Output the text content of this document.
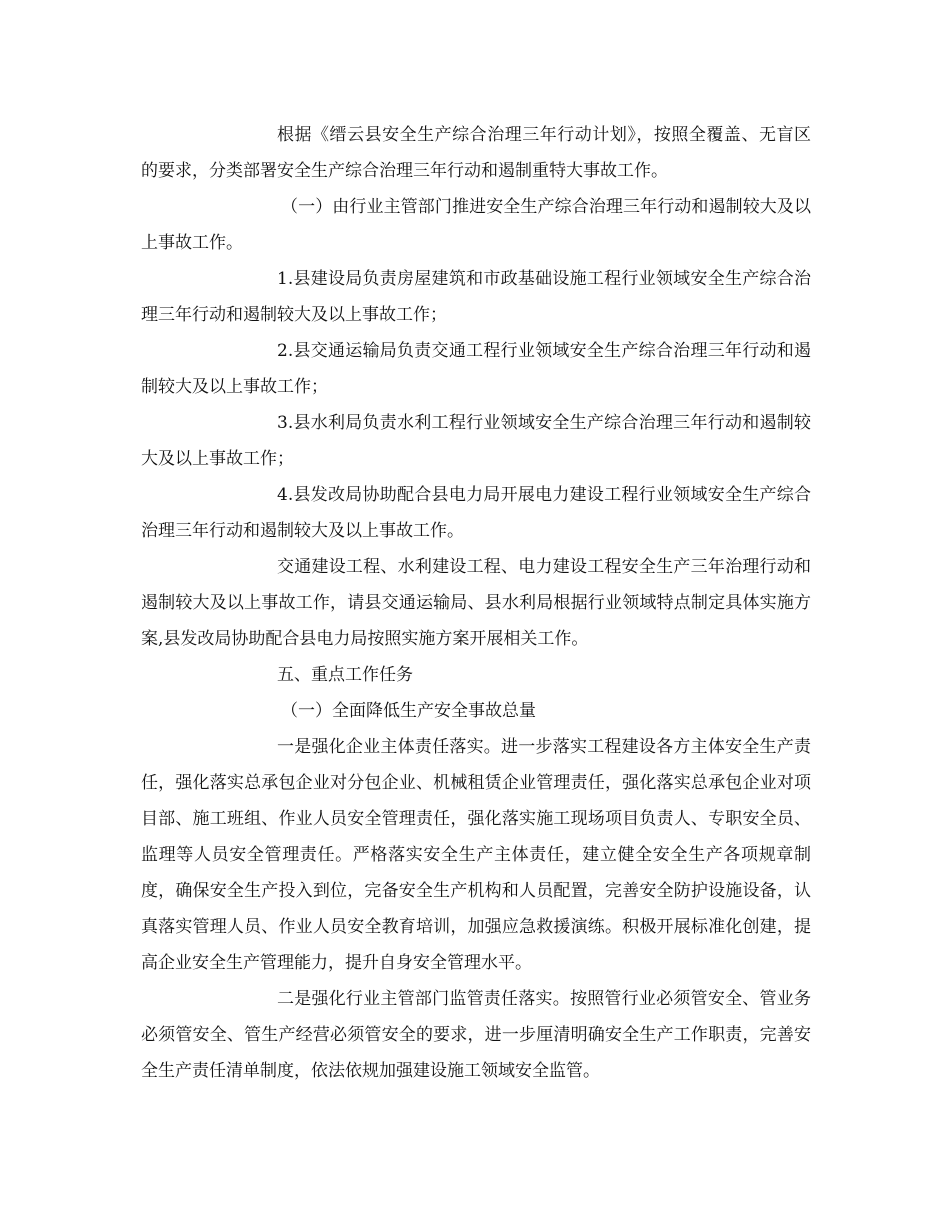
根据《缙云县安全生产综合治理三年行动计划》，按照全覆盖、无盲区的要求，分类部署安全生产综合治理三年行动和遏制重特大事故工作。

（一）由行业主管部门推进安全生产综合治理三年行动和遏制较大及以上事故工作。

1.县建设局负责房屋建筑和市政基础设施工程行业领域安全生产综合治理三年行动和遏制较大及以上事故工作；

2.县交通运输局负责交通工程行业领域安全生产综合治理三年行动和遏制较大及以上事故工作；

3.县水利局负责水利工程行业领域安全生产综合治理三年行动和遏制较大及以上事故工作；

4.县发改局协助配合县电力局开展电力建设工程行业领域安全生产综合治理三年行动和遏制较大及以上事故工作。

交通建设工程、水利建设工程、电力建设工程安全生产三年治理行动和遏制较大及以上事故工作，请县交通运输局、县水利局根据行业领域特点制定具体实施方案,县发改局协助配合县电力局按照实施方案开展相关工作。

五、重点工作任务

（一）全面降低生产安全事故总量

一是强化企业主体责任落实。进一步落实工程建设各方主体安全生产责任，强化落实总承包企业对分包企业、机械租赁企业管理责任，强化落实总承包企业对项目部、施工班组、作业人员安全管理责任，强化落实施工现场项目负责人、专职安全员、监理等人员安全管理责任。严格落实安全生产主体责任，建立健全安全生产各项规章制度，确保安全生产投入到位，完备安全生产机构和人员配置，完善安全防护设施设备，认真落实管理人员、作业人员安全教育培训，加强应急救援演练。积极开展标准化创建，提高企业安全生产管理能力，提升自身安全管理水平。

二是强化行业主管部门监管责任落实。按照管行业必须管安全、管业务必须管安全、管生产经营必须管安全的要求，进一步厘清明确安全生产工作职责，完善安全生产责任清单制度，依法依规加强建设施工领域安全监管。
